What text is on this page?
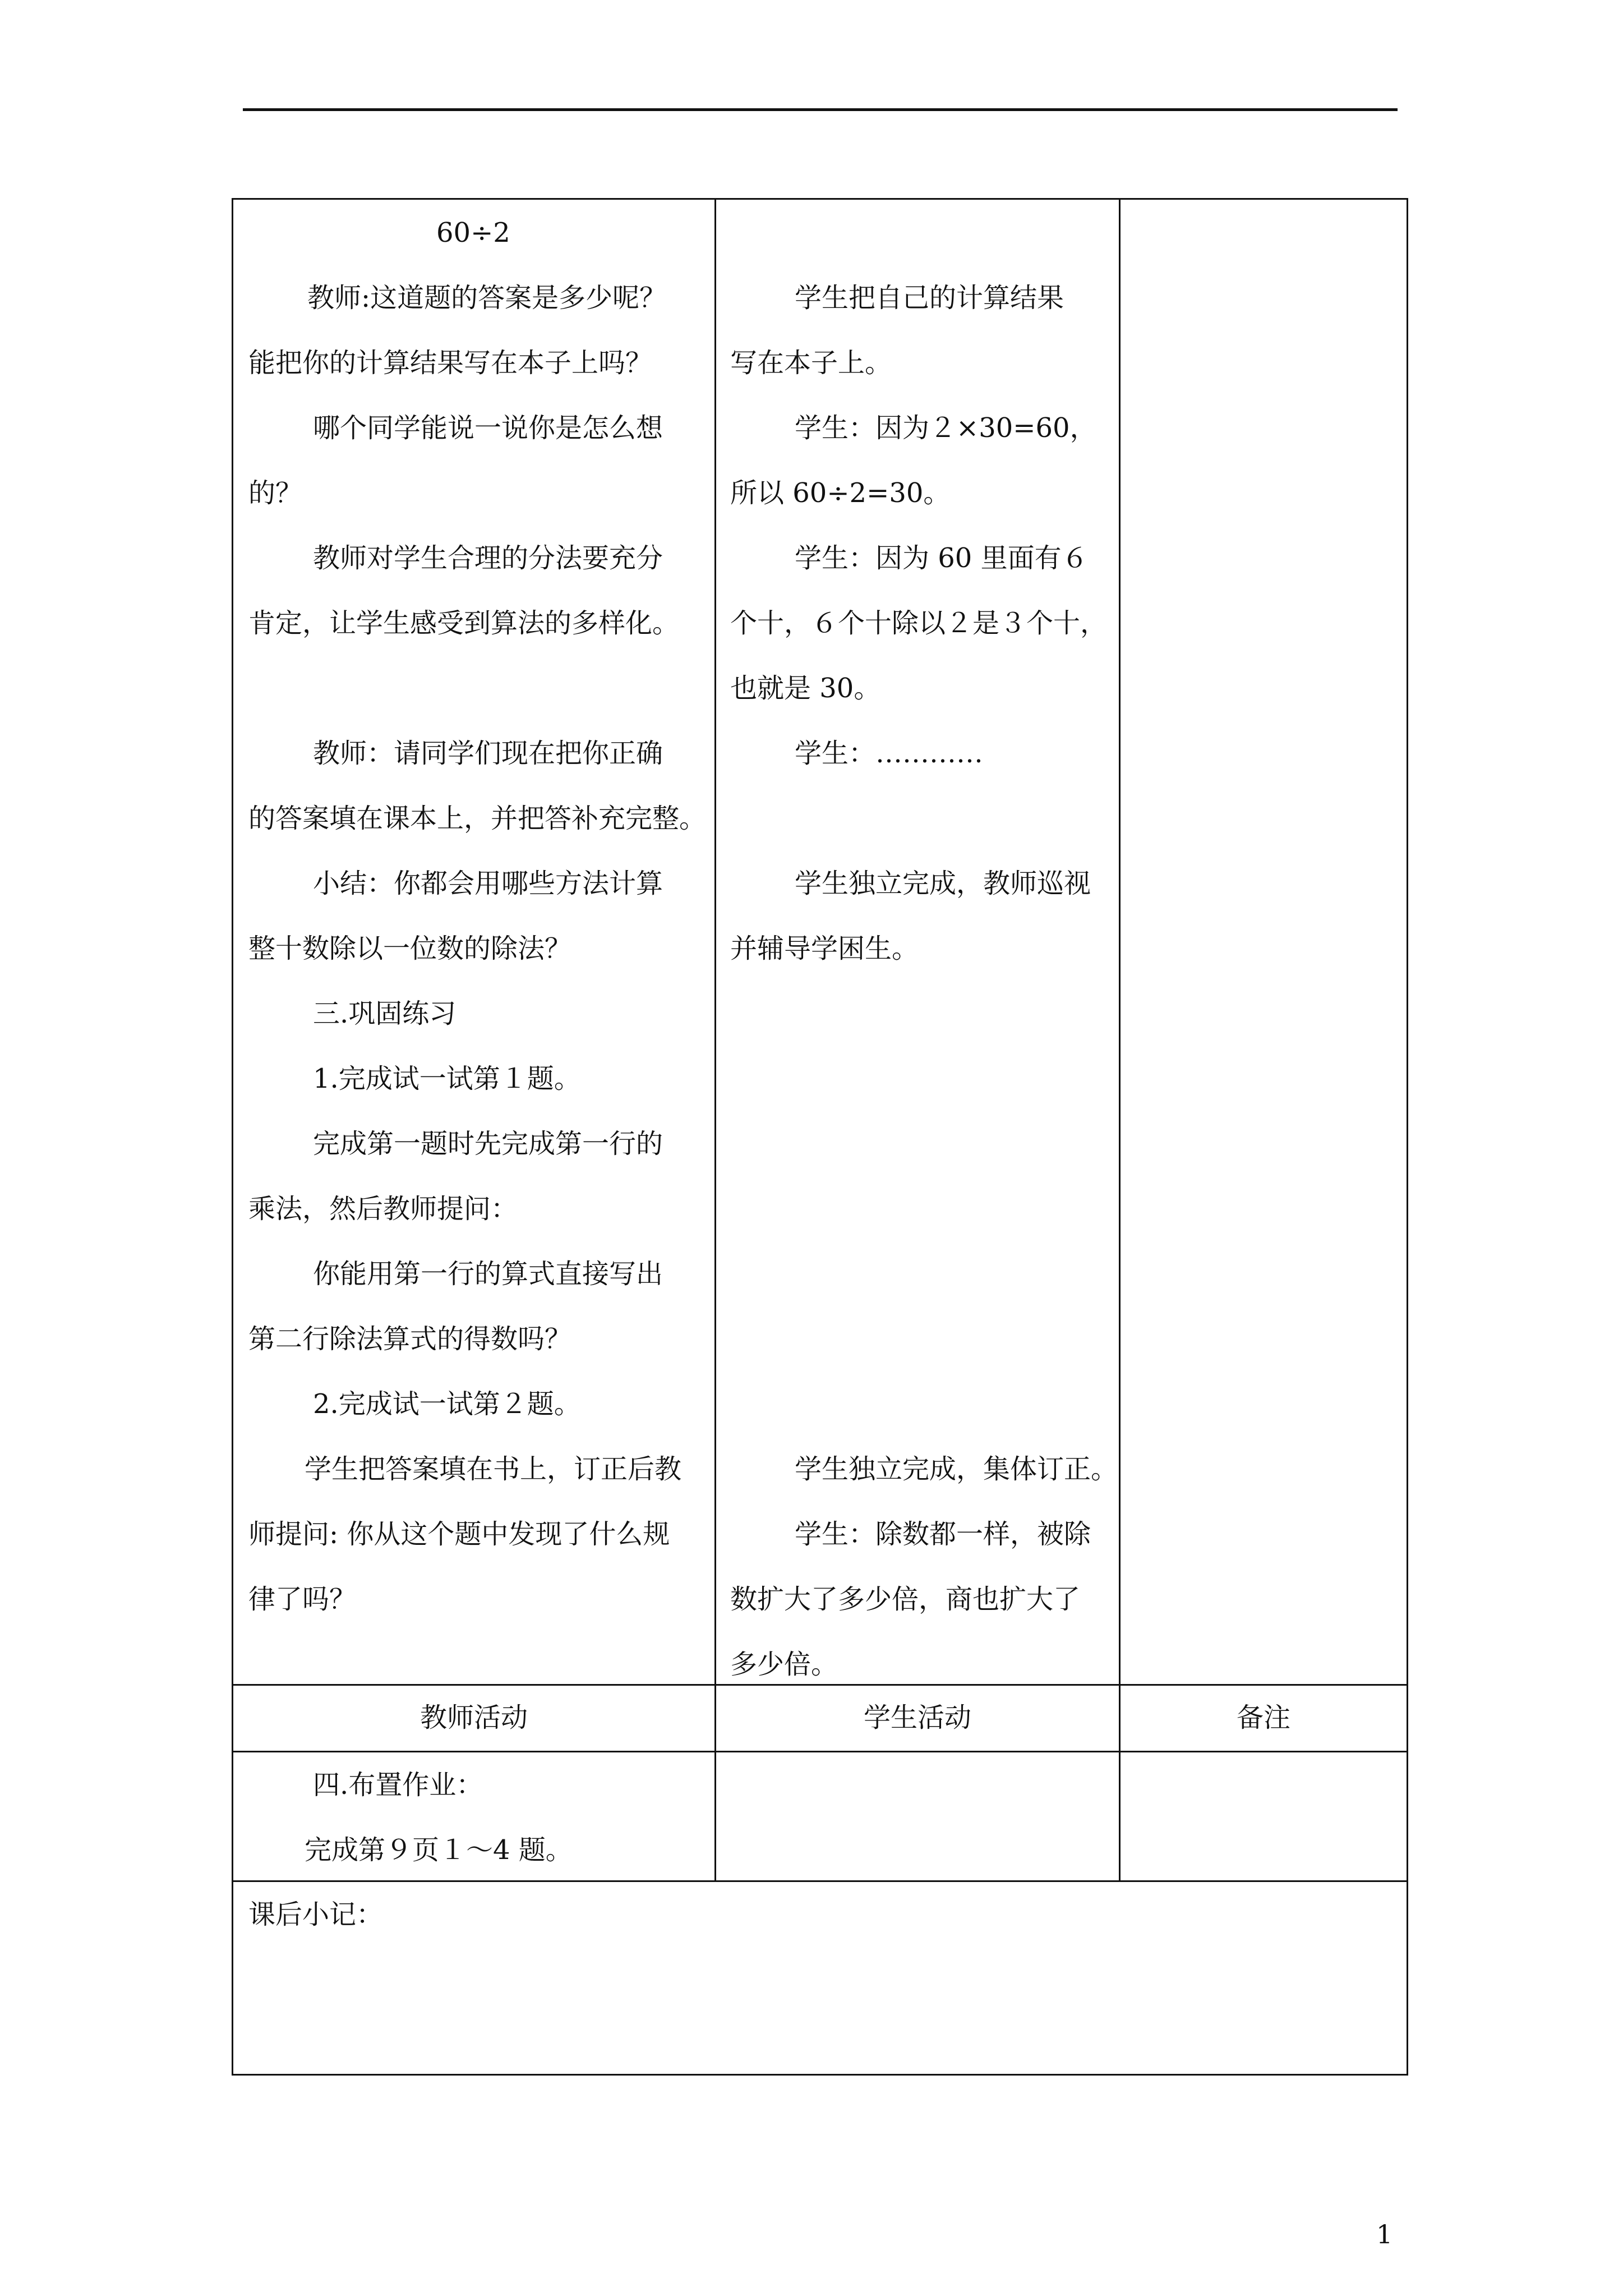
60÷2

教师:这道题的答案是多少呢？

能把你的计算结果写在本子上吗？

哪个同学能说一说你是怎么想

的？

教师对学生合理的分法要充分

肯定，让学生感受到算法的多样化。

教师：请同学们现在把你正确

的答案填在课本上，并把答补充完整。

小结：你都会用哪些方法计算

整十数除以一位数的除法？

三.巩固练习

1.完成试一试第１题。

完成第一题时先完成第一行的

乘法，然后教师提问：

你能用第一行的算式直接写出

第二行除法算式的得数吗？

2.完成试一试第２题。

学生把答案填在书上，订正后教

师提问: 你从这个题中发现了什么规

律了吗？

学生把自己的计算结果

写在本子上。

学生：因为２×30=60，

所以 60÷2=30。

学生：因为 60 里面有６

个十，６个十除以２是３个十，

也就是 30。

学生：…………

学生独立完成，教师巡视

并辅导学困生。

学生独立完成，集体订正。

学生：除数都一样，被除

数扩大了多少倍，商也扩大了

多少倍。

教师活动	学生活动	备注

四.布置作业：

完成第９页１～4 题。

课后小记：
1
